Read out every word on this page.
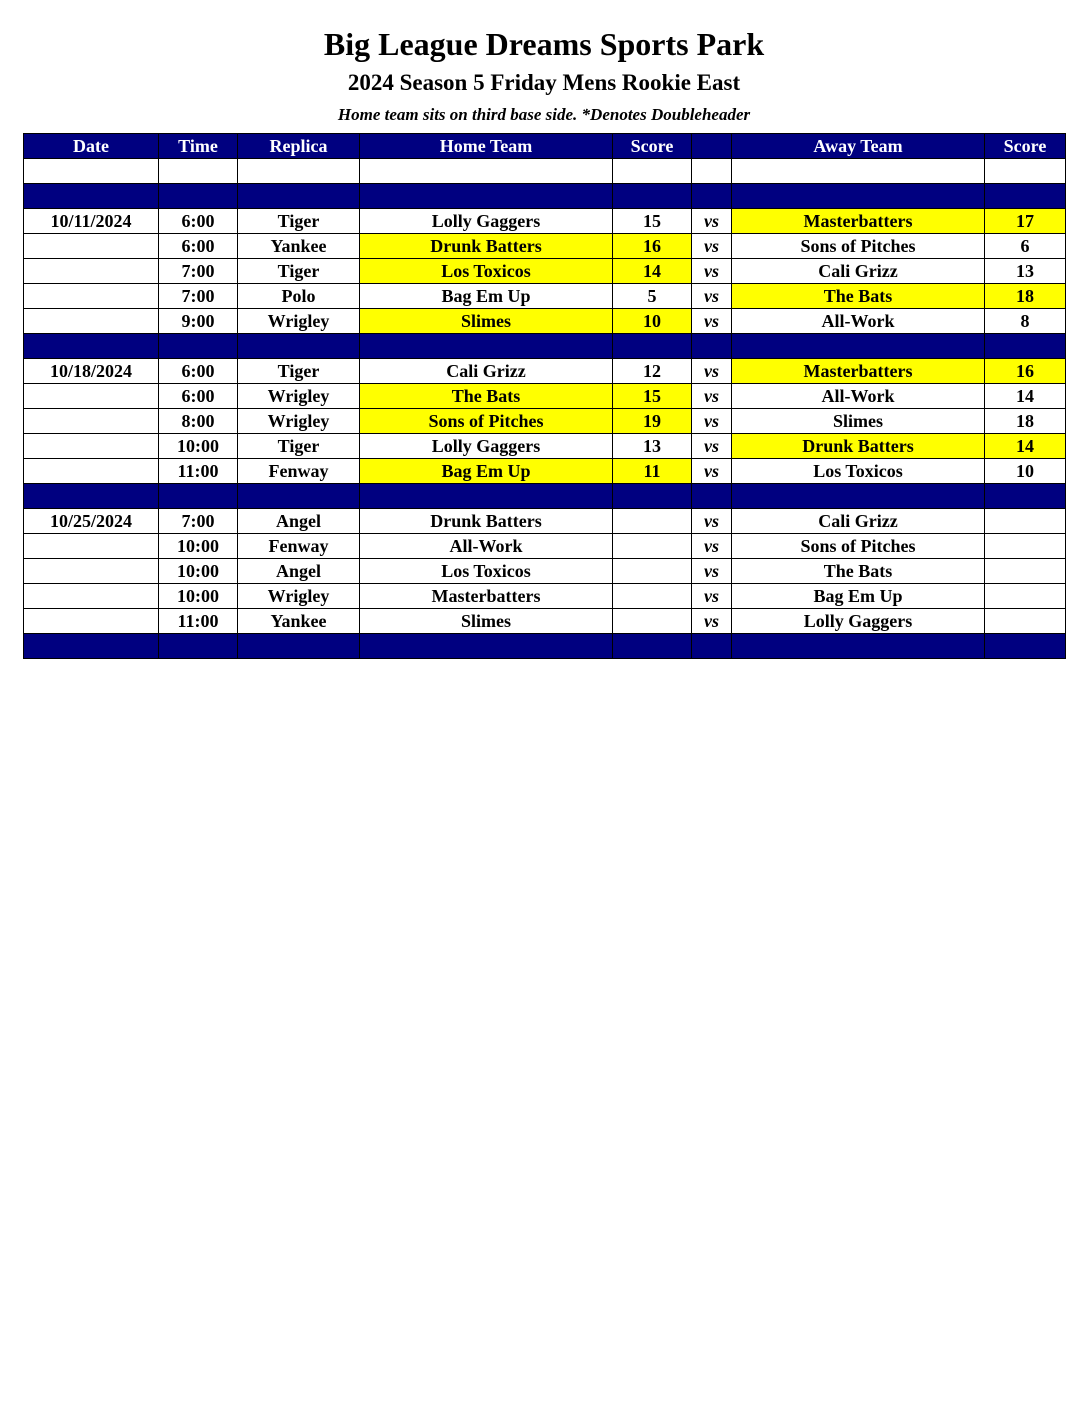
Big League Dreams Sports Park
2024 Season 5 Friday Mens Rookie East
Home team sits on third base side. *Denotes Doubleheader
Date	Time	Replica	Home Team	Score		Away Team	Score

10/11/2024	6:00	Tiger	Lolly Gaggers	15	vs	Masterbatters	17
	6:00	Yankee	Drunk Batters	16	vs	Sons of Pitches	6
	7:00	Tiger	Los Toxicos	14	vs	Cali Grizz	13
	7:00	Polo	Bag Em Up	5	vs	The Bats	18
	9:00	Wrigley	Slimes	10	vs	All-Work	8

10/18/2024	6:00	Tiger	Cali Grizz	12	vs	Masterbatters	16
	6:00	Wrigley	The Bats	15	vs	All-Work	14
	8:00	Wrigley	Sons of Pitches	19	vs	Slimes	18
	10:00	Tiger	Lolly Gaggers	13	vs	Drunk Batters	14
	11:00	Fenway	Bag Em Up	11	vs	Los Toxicos	10

10/25/2024	7:00	Angel	Drunk Batters		vs	Cali Grizz	
	10:00	Fenway	All-Work		vs	Sons of Pitches	
	10:00	Angel	Los Toxicos		vs	The Bats	
	10:00	Wrigley	Masterbatters		vs	Bag Em Up	
	11:00	Yankee	Slimes		vs	Lolly Gaggers	
